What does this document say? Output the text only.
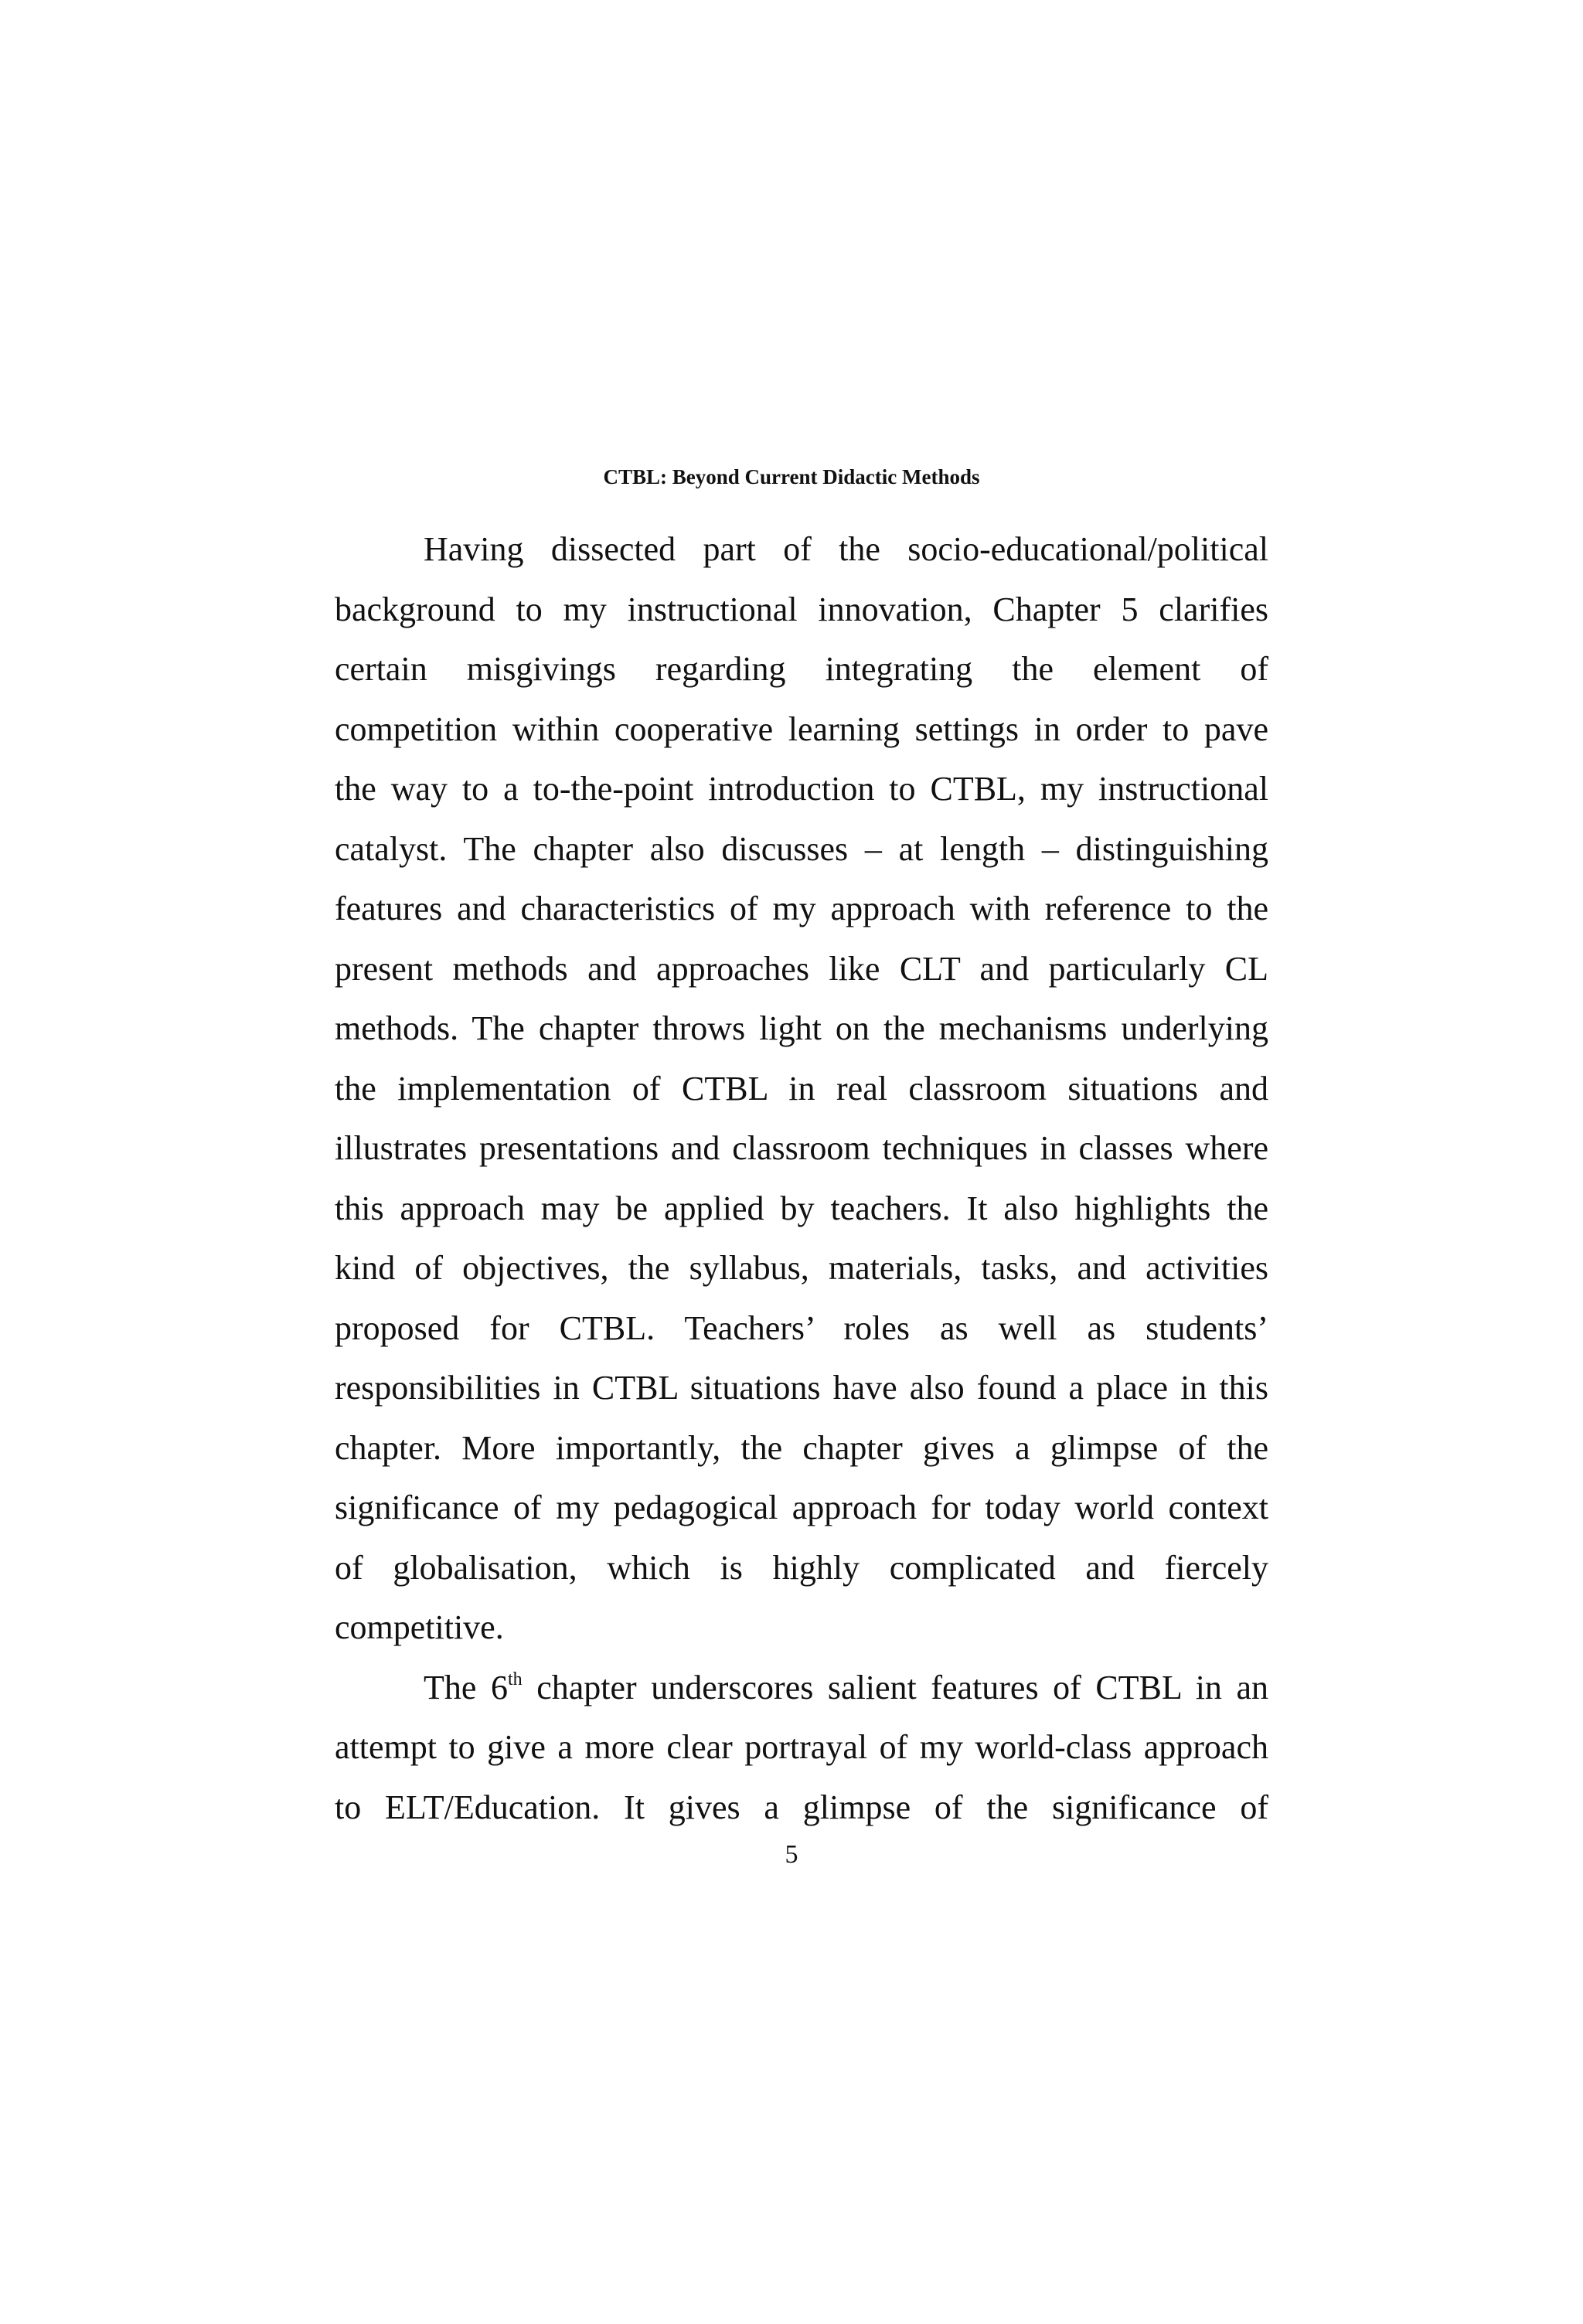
CTBL: Beyond Current Didactic Methods
Having dissected part of the socio-educational/political
background to my instructional innovation, Chapter 5 clarifies
certain misgivings regarding integrating the element of
competition within cooperative learning settings in order to pave
the way to a to-the-point introduction to CTBL, my instructional
catalyst. The chapter also discusses – at length – distinguishing
features and characteristics of my approach with reference to the
present methods and approaches like CLT and particularly CL
methods. The chapter throws light on the mechanisms underlying
the implementation of CTBL in real classroom situations and
illustrates presentations and classroom techniques in classes where
this approach may be applied by teachers. It also highlights the
kind of objectives, the syllabus, materials, tasks, and activities
proposed for CTBL. Teachers’ roles as well as students’
responsibilities in CTBL situations have also found a place in this
chapter. More importantly, the chapter gives a glimpse of the
significance of my pedagogical approach for today world context
of globalisation, which is highly complicated and fiercely
competitive.
The 6th chapter underscores salient features of CTBL in an
attempt to give a more clear portrayal of my world-class approach
to ELT/Education. It gives a glimpse of the significance of
5
